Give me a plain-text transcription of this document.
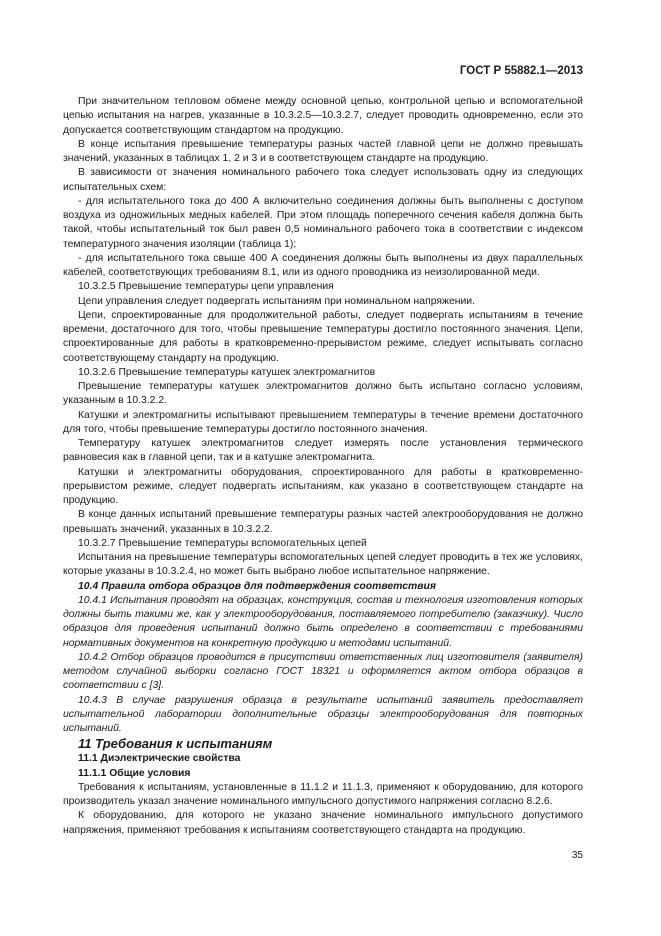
ГОСТ Р 55882.1—2013

При значительном тепловом обмене между основной цепью, контрольной цепью и вспомогательной цепью испытания на нагрев, указанные в 10.3.2.5—10.3.2.7, следует проводить одновременно, если это допускается соответствующим стандартом на продукцию.

В конце испытания превышение температуры разных частей главной цепи не должно превышать значений, указанных в таблицах 1, 2 и 3 и в соответствующем стандарте на продукцию.

В зависимости от значения номинального рабочего тока следует использовать одну из следующих испытательных схем:

- для испытательного тока до 400 А включительно соединения должны быть выполнены с доступом воздуха из одножильных медных кабелей. При этом площадь поперечного сечения кабеля должна быть такой, чтобы испытательный ток был равен 0,5 номинального рабочего тока в соответствии с индексом температурного значения изоляции (таблица 1);

- для испытательного тока свыше 400 А соединения должны быть выполнены из двух параллельных кабелей, соответствующих требованиям 8.1, или из одного проводника из неизолированной меди.

10.3.2.5 Превышение температуры цепи управления

Цепи управления следует подвергать испытаниям при номинальном напряжении.

Цепи, спроектированные для продолжительной работы, следует подвергать испытаниям в течение времени, достаточного для того, чтобы превышение температуры достигло постоянного значения. Цепи, спроектированные для работы в кратковременно-прерывистом режиме, следует испытывать согласно соответствующему стандарту на продукцию.

10.3.2.6 Превышение температуры катушек электромагнитов

Превышение температуры катушек электромагнитов должно быть испытано согласно условиям, указанным в 10.3.2.2.

Катушки и электромагниты испытывают превышением температуры в течение времени достаточного для того, чтобы превышение температуры достигло постоянного значения.

Температуру катушек электромагнитов следует измерять после установления термического равновесия как в главной цепи, так и в катушке электромагнита.

Катушки и электромагниты оборудования, спроектированного для работы в кратковременно-прерывистом режиме, следует подвергать испытаниям, как указано в соответствующем стандарте на продукцию.

В конце данных испытаний превышение температуры разных частей электрооборудования не должно превышать значений, указанных в 10.3.2.2.

10.3.2.7 Превышение температуры вспомогательных цепей

Испытания на превышение температуры вспомогательных цепей следует проводить в тех же условиях, которые указаны в 10.3.2.4, но может быть выбрано любое испытательное напряжение.

10.4 Правила отбора образцов для подтверждения соответствия

10.4.1 Испытания проводят на образцах, конструкция, состав и технология изготовления которых должны быть такими же, как у электрооборудования, поставляемого потребителю (заказчику). Число образцов для проведения испытаний должно быть определено в соответствии с требованиями нормативных документов на конкретную продукцию и методами испытаний.

10.4.2 Отбор образцов проводится в присутствии ответственных лиц изготовителя (заявителя) методом случайной выборки согласно ГОСТ 18321 и оформляется актом отбора образцов в соответствии с [3].

10.4.3 В случае разрушения образца в результате испытаний заявитель предоставляет испытательной лаборатории дополнительные образцы электрооборудования для повторных испытаний.

11 Требования к испытаниям

11.1 Диэлектрические свойства

11.1.1 Общие условия

Требования к испытаниям, установленные в 11.1.2 и 11.1.3, применяют к оборудованию, для которого производитель указал значение номинального импульсного допустимого напряжения согласно 8.2.6.

К оборудованию, для которого не указано значение номинального импульсного допустимого напряжения, применяют требования к испытаниям соответствующего стандарта на продукцию.

35
